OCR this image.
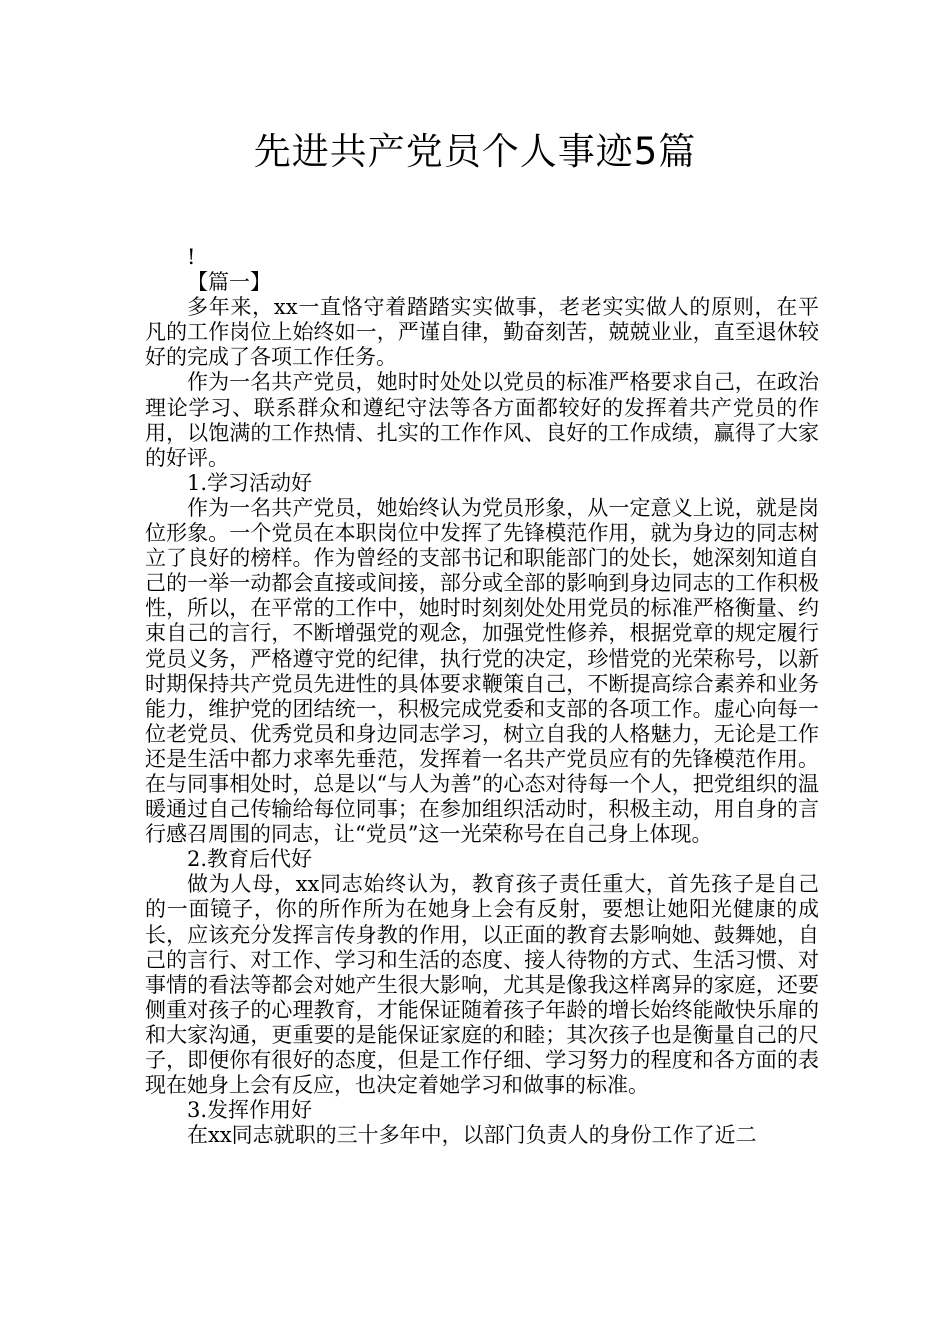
先进共产党员个人事迹5篇

!

【篇一】

多年来，xx一直恪守着踏踏实实做事，老老实实做人的原则，在平凡的工作岗位上始终如一，严谨自律，勤奋刻苦，兢兢业业，直至退休较好的完成了各项工作任务。

作为一名共产党员，她时时处处以党员的标准严格要求自己，在政治理论学习、联系群众和遵纪守法等各方面都较好的发挥着共产党员的作用，以饱满的工作热情、扎实的工作作风、良好的工作成绩，赢得了大家的好评。

1.学习活动好

作为一名共产党员，她始终认为党员形象，从一定意义上说，就是岗位形象。一个党员在本职岗位中发挥了先锋模范作用，就为身边的同志树立了良好的榜样。作为曾经的支部书记和职能部门的处长，她深刻知道自己的一举一动都会直接或间接，部分或全部的影响到身边同志的工作积极性，所以，在平常的工作中，她时时刻刻处处用党员的标准严格衡量、约束自己的言行，不断增强党的观念，加强党性修养，根据党章的规定履行党员义务，严格遵守党的纪律，执行党的决定，珍惜党的光荣称号，以新时期保持共产党员先进性的具体要求鞭策自己，不断提高综合素养和业务能力，维护党的团结统一，积极完成党委和支部的各项工作。虚心向每一位老党员、优秀党员和身边同志学习，树立自我的人格魅力，无论是工作还是生活中都力求率先垂范，发挥着一名共产党员应有的先锋模范作用。在与同事相处时，总是以“与人为善”的心态对待每一个人，把党组织的温暖通过自己传输给每位同事；在参加组织活动时，积极主动，用自身的言行感召周围的同志，让“党员”这一光荣称号在自己身上体现。

2.教育后代好

做为人母，xx同志始终认为，教育孩子责任重大，首先孩子是自己的一面镜子，你的所作所为在她身上会有反射，要想让她阳光健康的成长，应该充分发挥言传身教的作用，以正面的教育去影响她、鼓舞她，自己的言行、对工作、学习和生活的态度、接人待物的方式、生活习惯、对事情的看法等都会对她产生很大影响，尤其是像我这样离异的家庭，还要侧重对孩子的心理教育，才能保证随着孩子年龄的增长始终能敞快乐扉的和大家沟通，更重要的是能保证家庭的和睦；其次孩子也是衡量自己的尺子，即便你有很好的态度，但是工作仔细、学习努力的程度和各方面的表现在她身上会有反应，也决定着她学习和做事的标准。

3.发挥作用好

在xx同志就职的三十多年中，以部门负责人的身份工作了近二
